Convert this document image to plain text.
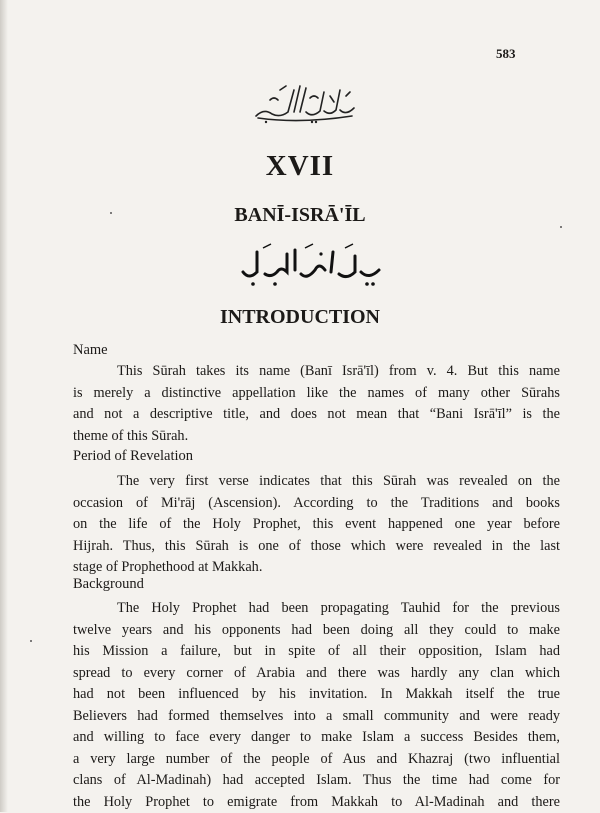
583
XVII
BANĪ-ISRĀ'ĪL
INTRODUCTION
Name
This Sūrah takes its name (Banī Isrā'īl) from v. 4. But this name
is merely a distinctive appellation like the names of many other Sūrahs
and not a descriptive title, and does not mean that “Bani Isrā'īl” is the
theme of this Sūrah.
Period of Revelation
The very first verse indicates that this Sūrah was revealed on the
occasion of Mi'rāj (Ascension). According to the Traditions and books
on the life of the Holy Prophet, this event happened one year before
Hijrah. Thus, this Sūrah is one of those which were revealed in the last
stage of Prophethood at Makkah.
Background
The Holy Prophet had been propagating Tauhid for the previous
twelve years and his opponents had been doing all they could to make
his Mission a failure, but in spite of all their opposition, Islam had
spread to every corner of Arabia and there was hardly any clan which
had not been influenced by his invitation. In Makkah itself the true
Believers had formed themselves into a small community and were ready
and willing to face every danger to make Islam a success Besides them,
a very large number of the people of Aus and Khazraj (two influential
clans of Al-Madinah) had accepted Islam. Thus the time had come for
the Holy Prophet to emigrate from Makkah to Al-Madinah and there
